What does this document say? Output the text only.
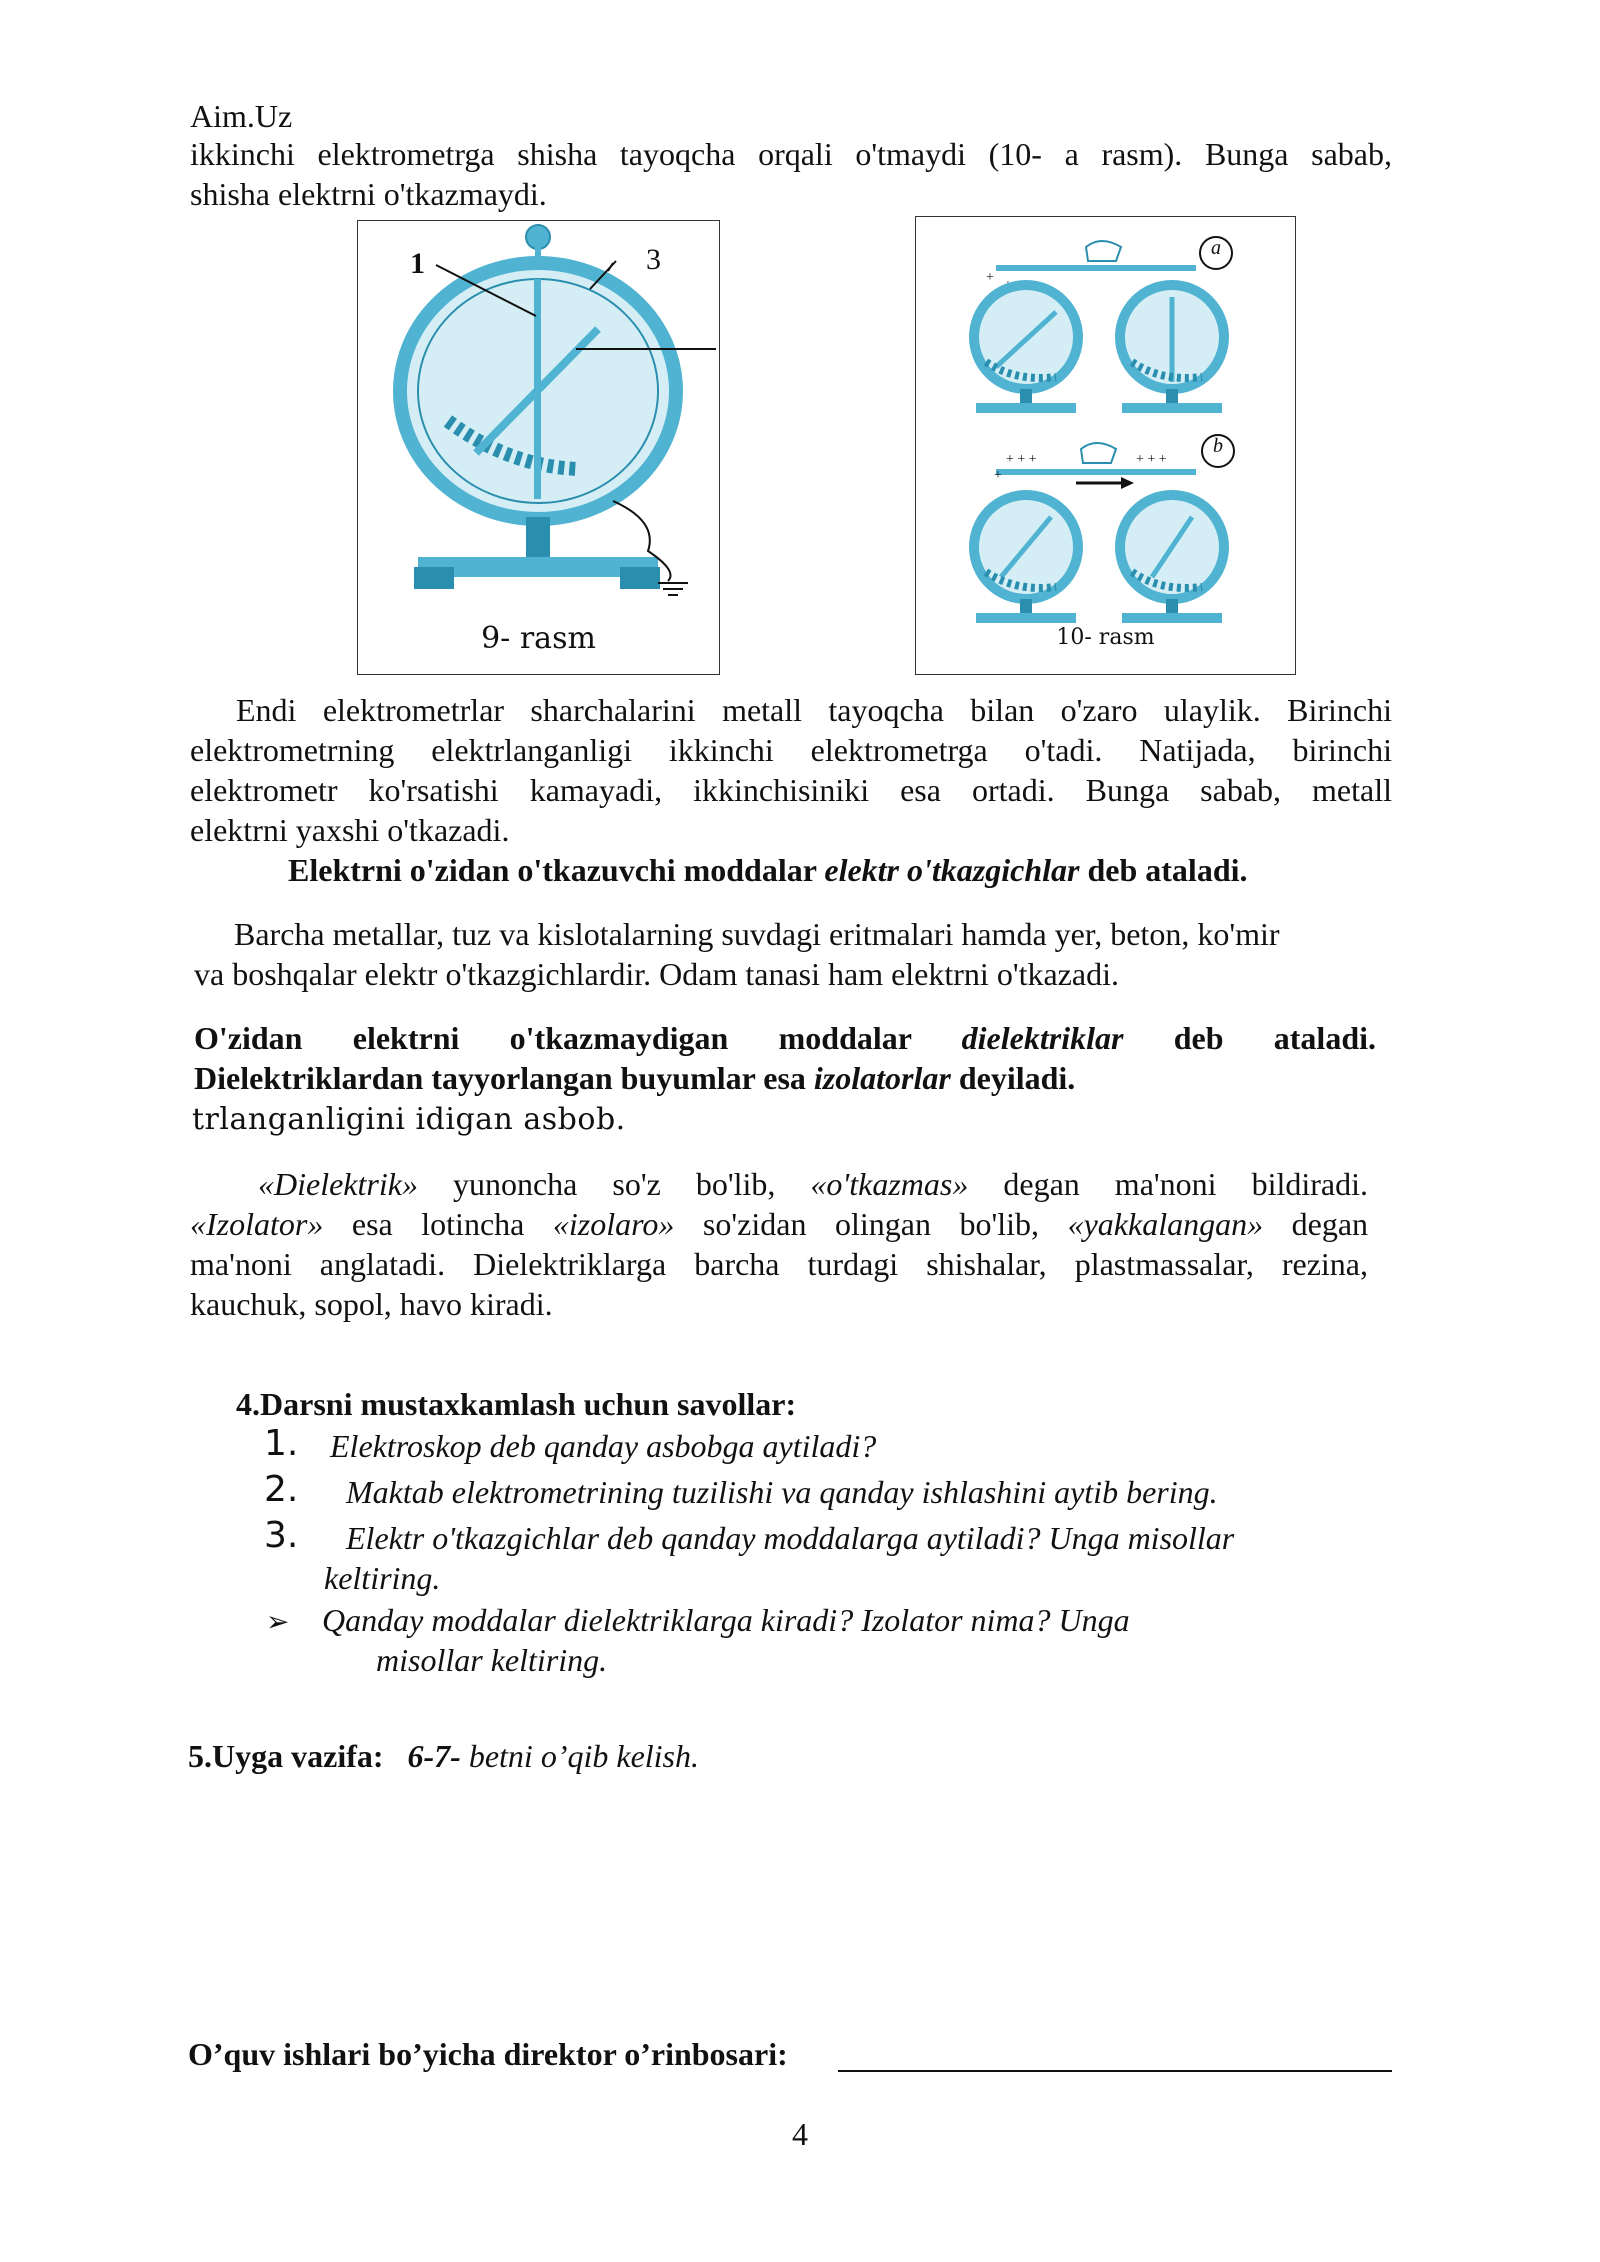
Aim.Uz
ikkinchi elektrometrga shisha tayoqcha orqali o'tmaydi (10- a rasm). Bunga sabab,
shisha elektrni o'tkazmaydi.
1	3
9- rasm
+
+ + +	+ + +
+
a
b
10- rasm
Endi elektrometrlar sharchalarini metall tayoqcha bilan o'zaro ulaylik. Birinchi
elektrometrning elektrlanganligi ikkinchi elektrometrga o'tadi. Natijada, birinchi
elektrometr ko'rsatishi kamayadi, ikkinchisiniki esa ortadi. Bunga sabab, metall
elektrni yaxshi o'tkazadi.
Elektrni o'zidan o'tkazuvchi moddalar elektr o'tkazgichlar deb ataladi.
Barcha metallar, tuz va kislotalarning suvdagi eritmalari hamda yer, beton, ko'mir
va boshqalar elektr o'tkazgichlardir. Odam tanasi ham elektrni o'tkazadi.
O'zidan elektrni o'tkazmaydigan moddalar dielektriklar deb ataladi.
Dielektriklardan tayyorlangan buyumlar esa izolatorlar deyiladi.
trlanganligini idigan asbob.
«Dielektrik» yunoncha so'z bo'lib, «o'tkazmas» degan ma'noni bildiradi.
«Izolator» esa lotincha «izolaro» so'zidan olingan bo'lib, «yakkalangan» degan
ma'noni anglatadi. Dielektriklarga barcha turdagi shishalar, plastmassalar, rezina,
kauchuk, sopol, havo kiradi.
4.Darsni mustaxkamlash uchun savollar:
1. Elektroskop deb qanday asbobga aytiladi?
2. Maktab elektrometrining tuzilishi va qanday ishlashini aytib bering.
3. Elektr o'tkazgichlar deb qanday moddalarga aytiladi? Unga misollar
keltiring.
➢ Qanday moddalar dielektriklarga kiradi? Izolator nima? Unga
misollar keltiring.
5.Uyga vazifa: 6-7- betni o’qib kelish.
O’quv ishlari bo’yicha direktor o’rinbosari:
4
